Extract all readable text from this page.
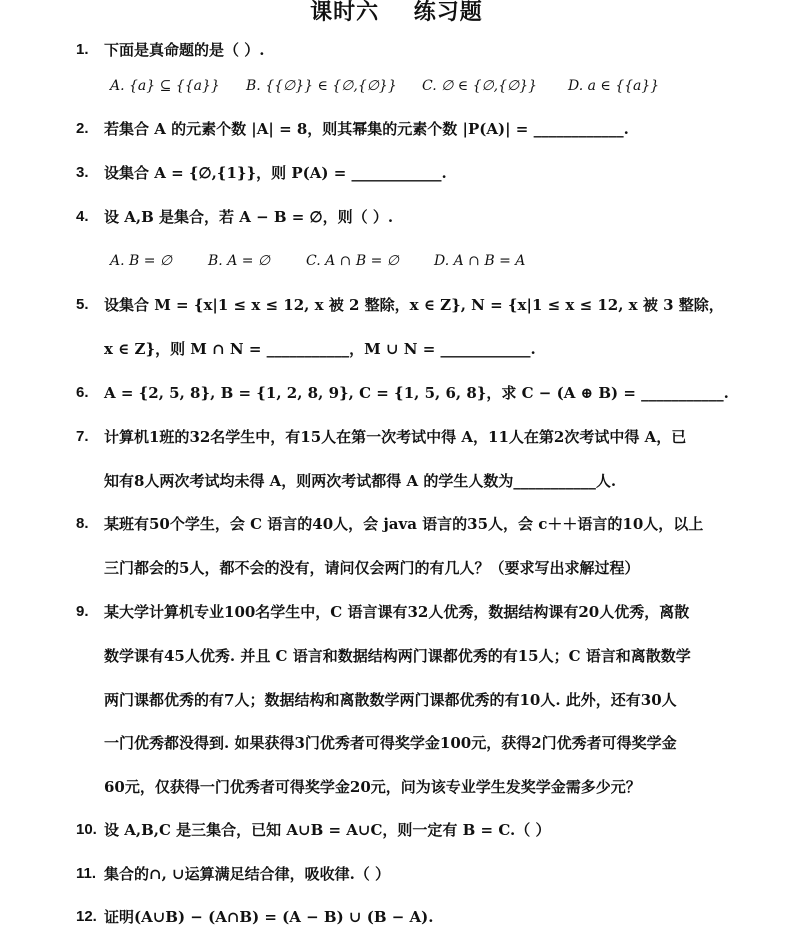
课时六    练习题
1. 下面是真命题的是（ ）.
A. {a} ⊆ {{a}} B. {{∅}} ∈ {∅,{∅}} C. ∅ ∈ {∅,{∅}} D. a ∈ {{a}}
2. 若集合 A 的元素个数 |A| = 8，则其幂集的元素个数 |P(A)| = ____________.
3. 设集合 A = {∅,{1}}，则 P(A) = ____________.
4. 设 A,B 是集合，若 A − B = ∅，则（ ）.
A. B = ∅	B. A = ∅	C. A ∩ B = ∅	D. A ∩ B = A
5. 设集合 M = {x|1 ≤ x ≤ 12, x 被 2 整除，x ∈ Z}, N = {x|1 ≤ x ≤ 12, x 被 3 整除，
x ∈ Z}，则 M ∩ N = ___________，M ∪ N = ____________.
6. A = {2, 5, 8}, B = {1, 2, 8, 9}, C = {1, 5, 6, 8}，求 C − (A ⊕ B) = ___________.
7. 计算机1班的32名学生中，有15人在第一次考试中得 A，11人在第2次考试中得 A，已
知有8人两次考试均未得 A，则两次考试都得 A 的学生人数为___________人.
8. 某班有50个学生，会 C 语言的40人，会 java 语言的35人，会 c＋＋语言的10人，以上
三门都会的5人，都不会的没有，请问仅会两门的有几人？（要求写出求解过程）
9. 某大学计算机专业100名学生中，C 语言课有32人优秀，数据结构课有20人优秀，离散
数学课有45人优秀. 并且 C 语言和数据结构两门课都优秀的有15人；C 语言和离散数学
两门课都优秀的有7人；数据结构和离散数学两门课都优秀的有10人. 此外，还有30人
一门优秀都没得到. 如果获得3门优秀者可得奖学金100元，获得2门优秀者可得奖学金
60元，仅获得一门优秀者可得奖学金20元，问为该专业学生发奖学金需多少元？
10. 设 A,B,C 是三集合，已知 A∪B = A∪C，则一定有 B = C.（ ）
11. 集合的∩, ∪运算满足结合律，吸收律.（ ）
12. 证明(A∪B) − (A∩B) = (A − B) ∪ (B − A).
